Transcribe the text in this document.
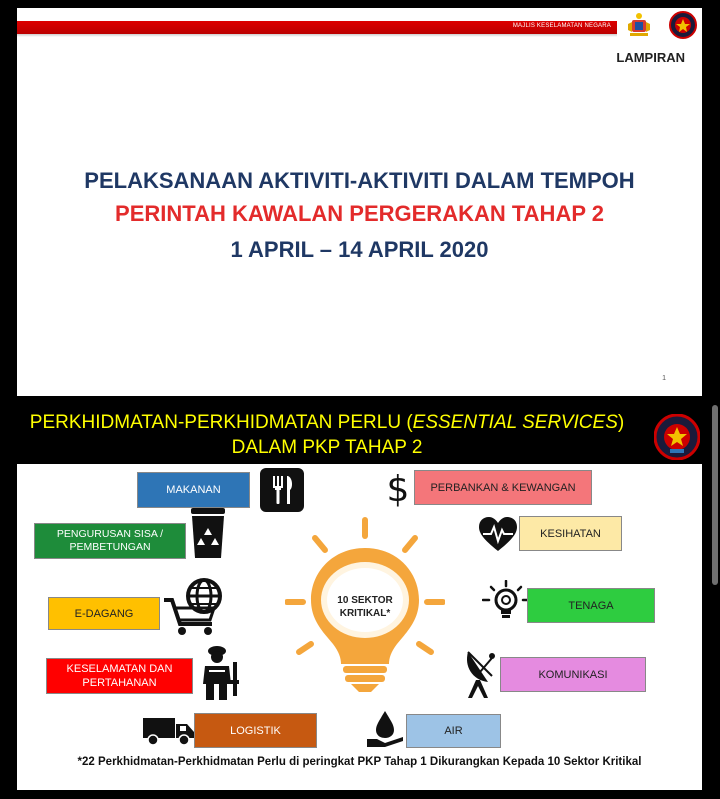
MAJLIS KESELAMATAN NEGARA
LAMPIRAN
PELAKSANAAN AKTIVITI-AKTIVITI DALAM TEMPOH
PERINTAH KAWALAN PERGERAKAN TAHAP 2
1 APRIL – 14 APRIL 2020
1
PERKHIDMATAN-PERKHIDMATAN PERLU (ESSENTIAL SERVICES)
DALAM PKP TAHAP 2
10 SEKTOR
KRITIKAL*
MAKANAN	$ PERBANKAN & KEWANGAN
PENGURUSAN SISA /
PEMBETUNGAN
KESIHATAN
E-DAGANG
TENAGA
KESELAMATAN DAN
PERTAHANAN
KOMUNIKASI
LOGISTIK	AIR
*22 Perkhidmatan-Perkhidmatan Perlu di peringkat PKP Tahap 1 Dikurangkan Kepada 10 Sektor Kritikal
